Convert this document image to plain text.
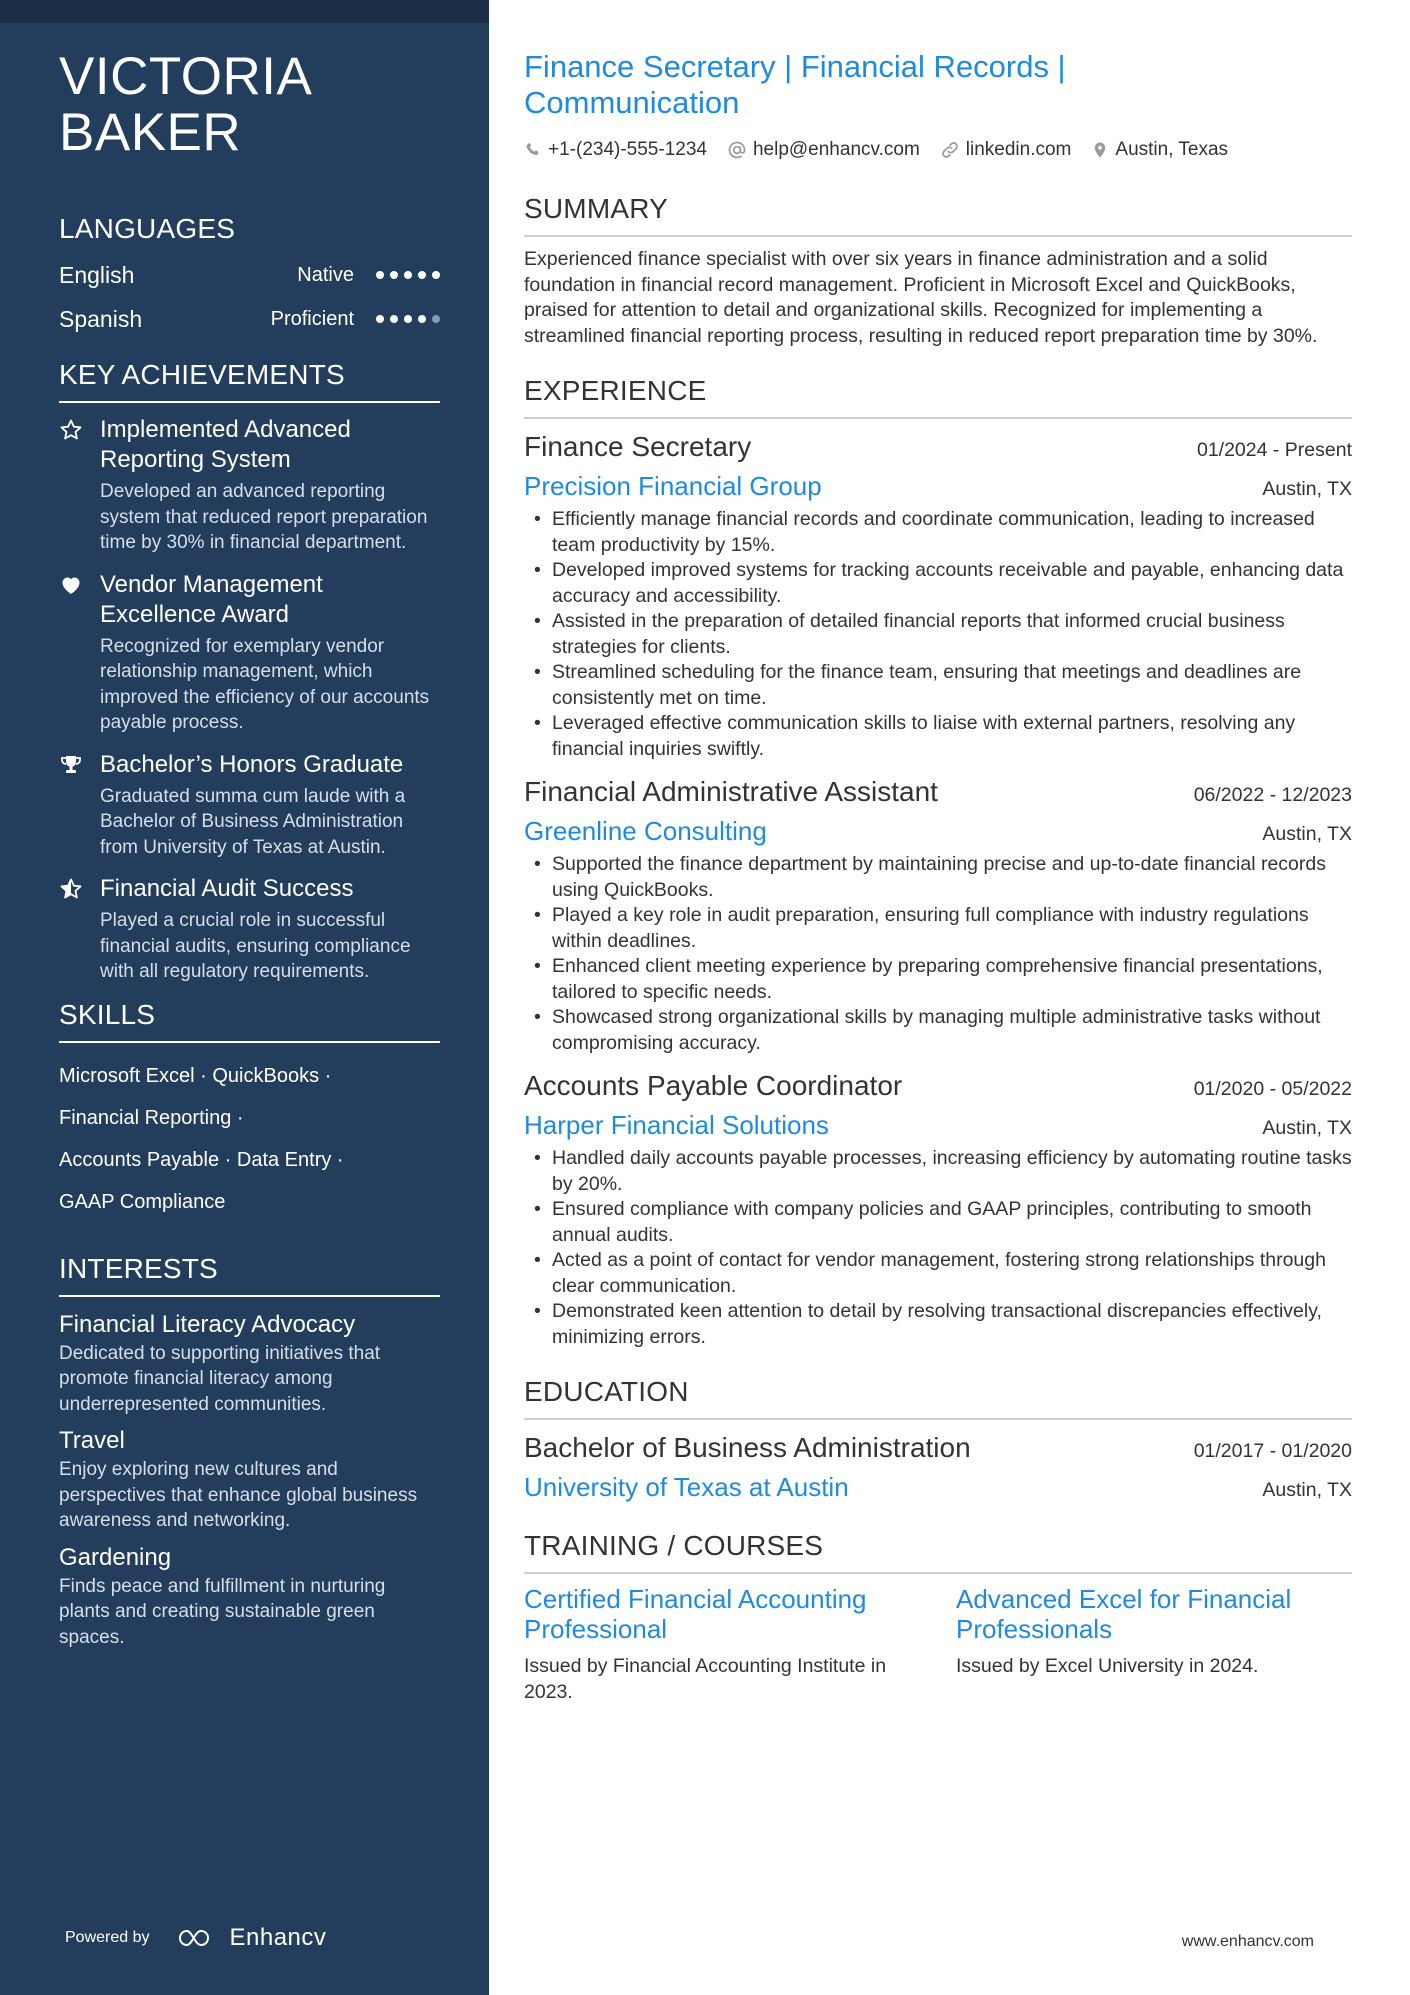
VICTORIA
BAKER
LANGUAGES
English	Native
Spanish	Proficient
KEY ACHIEVEMENTS
Implemented Advanced Reporting System
Developed an advanced reporting system that reduced report preparation time by 30% in financial department.
Vendor Management Excellence Award
Recognized for exemplary vendor relationship management, which improved the efficiency of our accounts payable process.
Bachelor’s Honors Graduate
Graduated summa cum laude with a Bachelor of Business Administration from University of Texas at Austin.
Financial Audit Success
Played a crucial role in successful financial audits, ensuring compliance with all regulatory requirements.
SKILLS
Microsoft Excel · QuickBooks ·
Financial Reporting ·
Accounts Payable · Data Entry ·
GAAP Compliance
INTERESTS
Financial Literacy Advocacy
Dedicated to supporting initiatives that promote financial literacy among underrepresented communities.
Travel
Enjoy exploring new cultures and perspectives that enhance global business awareness and networking.
Gardening
Finds peace and fulfillment in nurturing plants and creating sustainable green spaces.
Powered by	Enhancv
Finance Secretary | Financial Records | Communication
+1-(234)-555-1234 help@enhancv.com linkedin.com Austin, Texas
SUMMARY
Experienced finance specialist with over six years in finance administration and a solid foundation in financial record management. Proficient in Microsoft Excel and QuickBooks, praised for attention to detail and organizational skills. Recognized for implementing a streamlined financial reporting process, resulting in reduced report preparation time by 30%.
EXPERIENCE
Finance Secretary	01/2024 - Present
Precision Financial Group	Austin, TX
• Efficiently manage financial records and coordinate communication, leading to increased team productivity by 15%.
• Developed improved systems for tracking accounts receivable and payable, enhancing data accuracy and accessibility.
• Assisted in the preparation of detailed financial reports that informed crucial business strategies for clients.
• Streamlined scheduling for the finance team, ensuring that meetings and deadlines are consistently met on time.
• Leveraged effective communication skills to liaise with external partners, resolving any financial inquiries swiftly.
Financial Administrative Assistant	06/2022 - 12/2023
Greenline Consulting	Austin, TX
• Supported the finance department by maintaining precise and up-to-date financial records using QuickBooks.
• Played a key role in audit preparation, ensuring full compliance with industry regulations within deadlines.
• Enhanced client meeting experience by preparing comprehensive financial presentations, tailored to specific needs.
• Showcased strong organizational skills by managing multiple administrative tasks without compromising accuracy.
Accounts Payable Coordinator	01/2020 - 05/2022
Harper Financial Solutions	Austin, TX
• Handled daily accounts payable processes, increasing efficiency by automating routine tasks by 20%.
• Ensured compliance with company policies and GAAP principles, contributing to smooth annual audits.
• Acted as a point of contact for vendor management, fostering strong relationships through clear communication.
• Demonstrated keen attention to detail by resolving transactional discrepancies effectively, minimizing errors.
EDUCATION
Bachelor of Business Administration	01/2017 - 01/2020
University of Texas at Austin	Austin, TX
TRAINING / COURSES
Certified Financial Accounting Professional
Issued by Financial Accounting Institute in 2023.
Advanced Excel for Financial Professionals
Issued by Excel University in 2024.
www.enhancv.com
